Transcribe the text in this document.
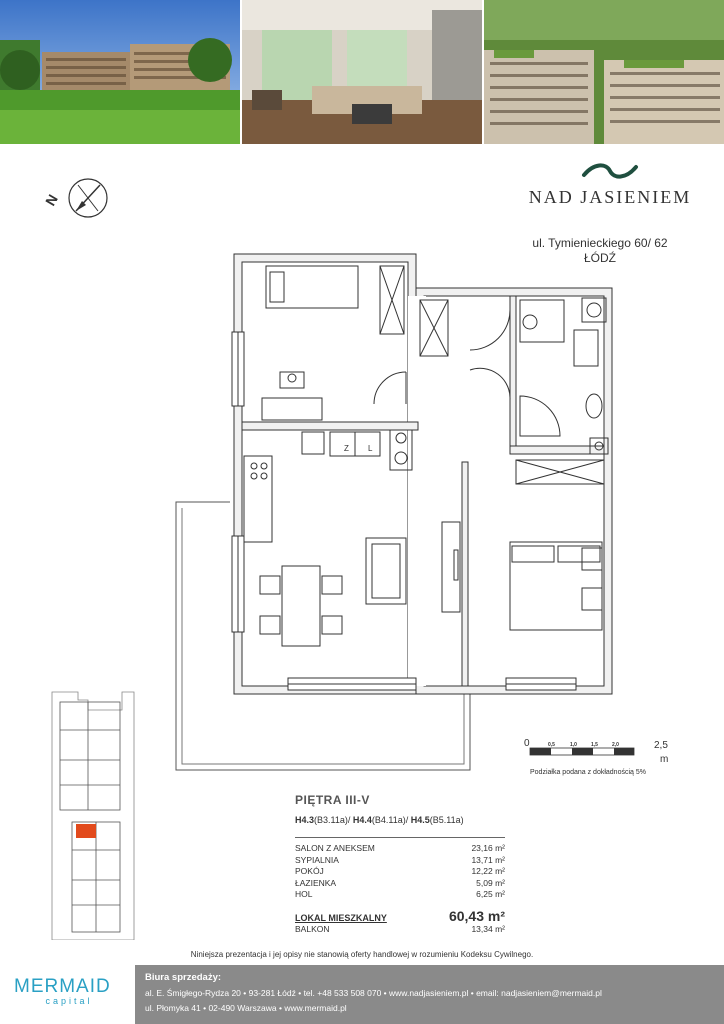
N	NAD JASIENIEM
ul. Tymienieckiego 60/ 62
ŁÓDŹ
Z L
0	0,5	1,0	1,5	2,0	2,5
m
Podziałka podana z dokładnością 5%
PIĘTRA III-V
H4.3(B3.11a)/ H4.4(B4.11a)/ H4.5(B5.11a)
SALON Z ANEKSEM	23,16 m²
SYPIALNIA	13,71 m²
POKÓJ	12,22 m²
ŁAZIENKA	5,09 m²
HOL	6,25 m²
LOKAL MIESZKALNY	60,43 m²
BALKON	13,34 m²
Niniejsza prezentacja i jej opisy nie stanowią oferty handlowej w rozumieniu Kodeksu Cywilnego.
MERMAID
capital
Biura sprzedaży:
al. E. Śmigłego-Rydza 20 • 93-281 Łódź • tel. +48 533 508 070 • www.nadjasieniem.pl • email: nadjasieniem@mermaid.pl
ul. Płomyka 41 • 02-490 Warszawa • www.mermaid.pl
